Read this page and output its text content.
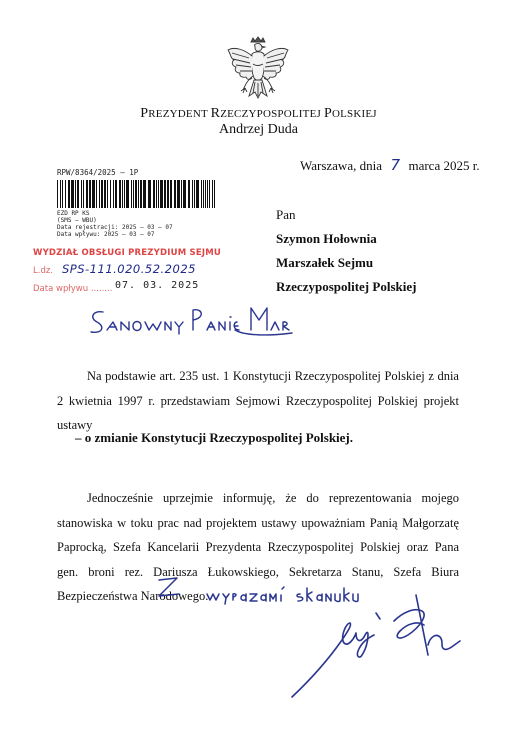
PREZYDENT RZECZYPOSPOLITEJ POLSKIEJ
Andrzej Duda
Warszawa, dnia 7 marca 2025 r.
RPW/8364/2025 – 1P
EZD RP KS
(SMS – WBU)
Data rejestracji: 2025 – 03 – 07
Data wpływu: 2025 – 03 – 07
WYDZIAŁ OBSŁUGI PREZYDIUM SEJMU
L.dz. SPS-111.020.52.2025
Data wpływu ........ 07. 03. 2025
Pan
Szymon Hołownia
Marszałek Sejmu
Rzeczypospolitej Polskiej
Na podstawie art. 235 ust. 1 Konstytucji Rzeczypospolitej Polskiej z dnia 2 kwietnia 1997 r. przedstawiam Sejmowi Rzeczypospolitej Polskiej projekt ustawy
– o zmianie Konstytucji Rzeczypospolitej Polskiej.
Jednocześnie uprzejmie informuję, że do reprezentowania mojego stanowiska w toku prac nad projektem ustawy upoważniam Panią Małgorzatę Paprocką, Szefa Kancelarii Prezydenta Rzeczypospolitej Polskiej oraz Pana gen. broni rez. Dariusza Łukowskiego, Sekretarza Stanu, Szefa Biura Bezpieczeństwa Narodowego.
